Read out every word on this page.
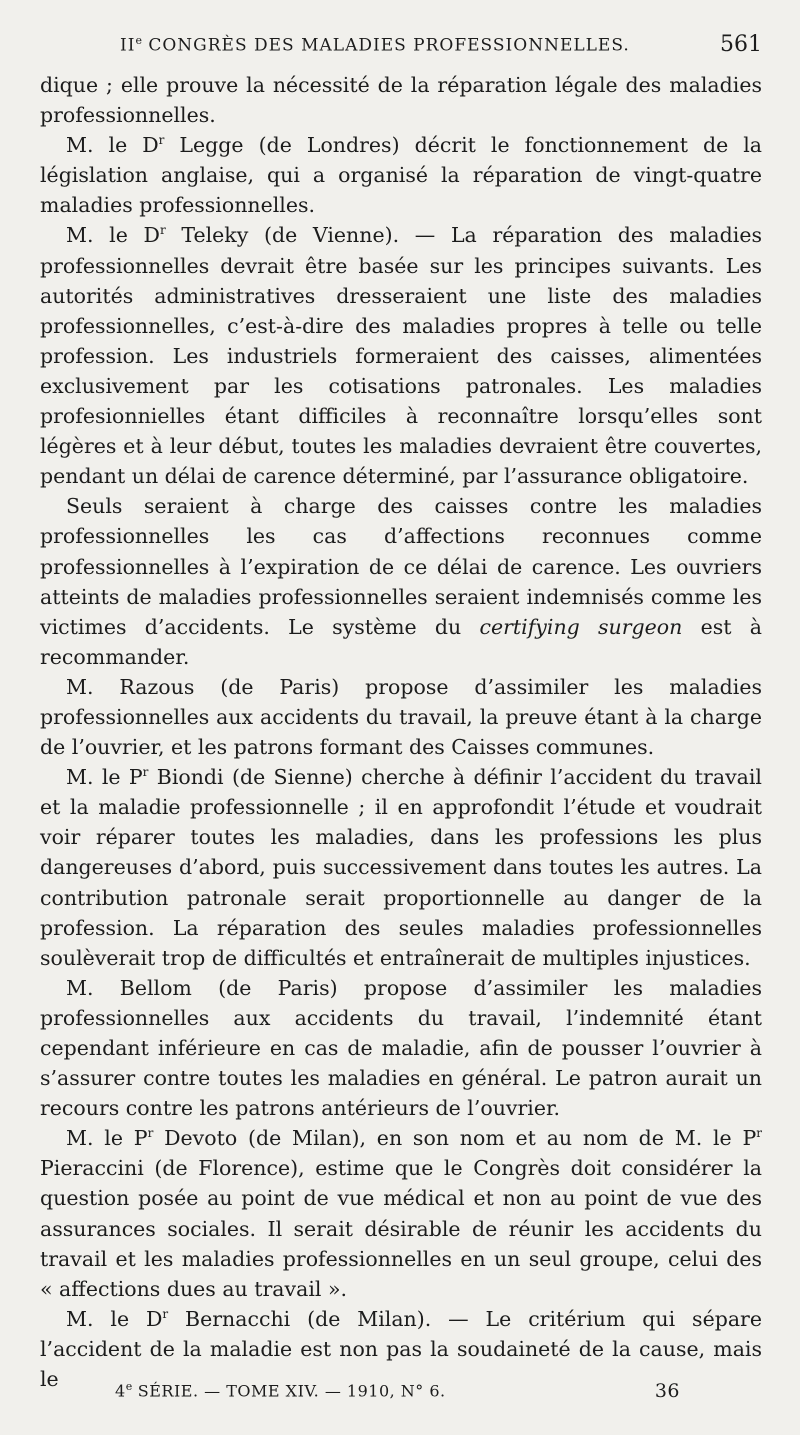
IIe CONGRÈS DES MALADIES PROFESSIONNELLES.	561

dique ; elle prouve la nécessité de la réparation légale des maladies professionnelles.

M. le $D^r$ Legge (de Londres) décrit le fonctionnement de la législation anglaise, qui a organisé la réparation de vingt-quatre maladies professionnelles.

M. le $D^r$ Teleky (de Vienne). — La réparation des maladies professionnelles devrait être basée sur les principes suivants. Les autorités administratives dresseraient une liste des maladies professionnelles, c’est-à-dire des maladies propres à telle ou telle profession. Les industriels formeraient des caisses, alimentées exclusivement par les cotisations patronales. Les maladies profesionnielles étant difficiles à reconnaître lorsqu’elles sont légères et à leur début, toutes les maladies devraient être couvertes, pendant un délai de carence déterminé, par l’assurance obligatoire.

Seuls seraient à charge des caisses contre les maladies professionnelles les cas d’affections reconnues comme professionnelles à l’expiration de ce délai de carence. Les ouvriers atteints de maladies professionnelles seraient indemnisés comme les victimes d’accidents. Le système du certifying surgeon est à recommander.

M. Razous (de Paris) propose d’assimiler les maladies professionnelles aux accidents du travail, la preuve étant à la charge de l’ouvrier, et les patrons formant des Caisses communes.

M. le $P^r$ Biondi (de Sienne) cherche à définir l’accident du travail et la maladie professionnelle ; il en approfondit l’étude et voudrait voir réparer toutes les maladies, dans les professions les plus dangereuses d’abord, puis successivement dans toutes les autres. La contribution patronale serait proportionnelle au danger de la profession. La réparation des seules maladies professionnelles soulèverait trop de difficultés et entraînerait de multiples injustices.

M. Bellom (de Paris) propose d’assimiler les maladies professionnelles aux accidents du travail, l’indemnité étant cependant inférieure en cas de maladie, afin de pousser l’ouvrier à s’assurer contre toutes les maladies en général. Le patron aurait un recours contre les patrons antérieurs de l’ouvrier.

M. le $P^r$ Devoto (de Milan), en son nom et au nom de M. le $P^r$ Pieraccini (de Florence), estime que le Congrès doit considérer la question posée au point de vue médical et non au point de vue des assurances sociales. Il serait désirable de réunir les accidents du travail et les maladies professionnelles en un seul groupe, celui des « affections dues au travail ».

M. le $D^r$ Bernacchi (de Milan). — Le critérium qui sépare l’accident de la maladie est non pas la soudaineté de la cause, mais le	4e SÉRIE. — TOME XIV. — 1910, N° 6.	36
